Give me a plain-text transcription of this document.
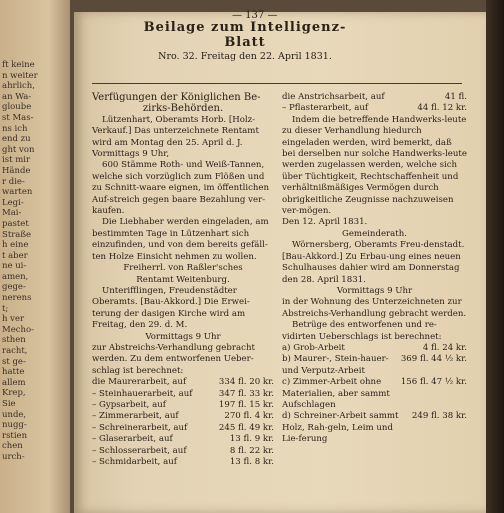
ft keine
n weiter
ahrlich,
an Wa-
gloube
st Mas-
ns ich
end zu
ght von
ist mir
Hände
r die-
warten
Legi-
Mai-
pastet
Straße
h eine
t aber
ne ui-
amen,
gege-
nerens
t;
h ver
Mecho-
sthen
racht,
st ge-
hatte
allem
Krep,
Sie
unde,
nugg-
rstien
chen
urch-
— 137 —
Beilage zum Intelligenz-Blatt
Nro. 32. Freitag den 22. April 1831.

Verfügungen der Königlichen Be-

zirks-Behörden.

Lützenhart, Oberamts Horb. [Holz-Verkauf.] Das unterzeichnete Rentamt wird am Montag den 25. April d. J. Vormittags 9 Uhr,

600 Stämme Roth- und Weiß-Tannen, welche sich vorzüglich zum Flößen und zu Schnitt-waare eignen, im öffentlichen Auf-streich gegen baare Bezahlung ver-kaufen.

Die Liebhaber werden eingeladen, am bestimmten Tage in Lützenhart sich einzufinden, und von dem bereits gefäll-ten Holze Einsicht nehmen zu wollen.

Freiherrl. von Raßler'sches

Rentamt Weitenburg.

Unterifflingen, Freudenstädter Oberamts. [Bau-Akkord.] Die Erwei-terung der dasigen Kirche wird am Freitag, den 29. d. M.

Vormittags 9 Uhr

zur Abstreichs-Verhandlung gebracht werden. Zu dem entworfenen Ueber-schlag ist berechnet:

die Maurerarbeit, auf	334 fl. 20 kr.
– Steinhauerarbeit, auf	347 fl. 33 kr.
– Gypsarbeit, auf	197 fl. 15 kr.
– Zimmerarbeit, auf	270 fl. 4 kr.
– Schreinerarbeit, auf	245 fl. 49 kr.
– Glaserarbeit, auf	13 fl. 9 kr.
– Schlosserarbeit, auf	8 fl. 22 kr.
– Schmidarbeit, auf	13 fl. 8 kr.
die Anstrichsarbeit, auf	41 fl.
– Pflasterarbeit, auf	44 fl. 12 kr.

Indem die betreffende Handwerks-leute zu dieser Verhandlung hiedurch eingeladen werden, wird bemerkt, daß bei derselben nur solche Handwerks-leute werden zugelassen werden, welche sich über Tüchtigkeit, Rechtschaffenheit und verhältnißmäßiges Vermögen durch obrigkeitliche Zeugnisse nachzuweisen ver-mögen.

Den 12. April 1831.

Gemeinderath.

Wörnersberg, Oberamts Freu-denstadt. [Bau-Akkord.] Zu Erbau-ung eines neuen Schulhauses dahier wird am Donnerstag den 28. April 1831.

Vormittags 9 Uhr

in der Wohnung des Unterzeichneten zur Abstreichs-Verhandlung gebracht werden.

Betrüge des entworfenen und re-vidirten Ueberschlags ist berechnet:

a) Grob-Arbeit	4 fl. 24 kr.
b) Maurer-, Stein-hauer- und Verputz-Arbeit
369 fl. 44 ½ kr.
c) Zimmer-Arbeit ohne Materialien, aber sammt Aufschlagen
156 fl. 47 ½ kr.
d) Schreiner-Arbeit sammt Holz, Rah-geln, Leim und Lie-ferung
249 fl. 38 kr.
